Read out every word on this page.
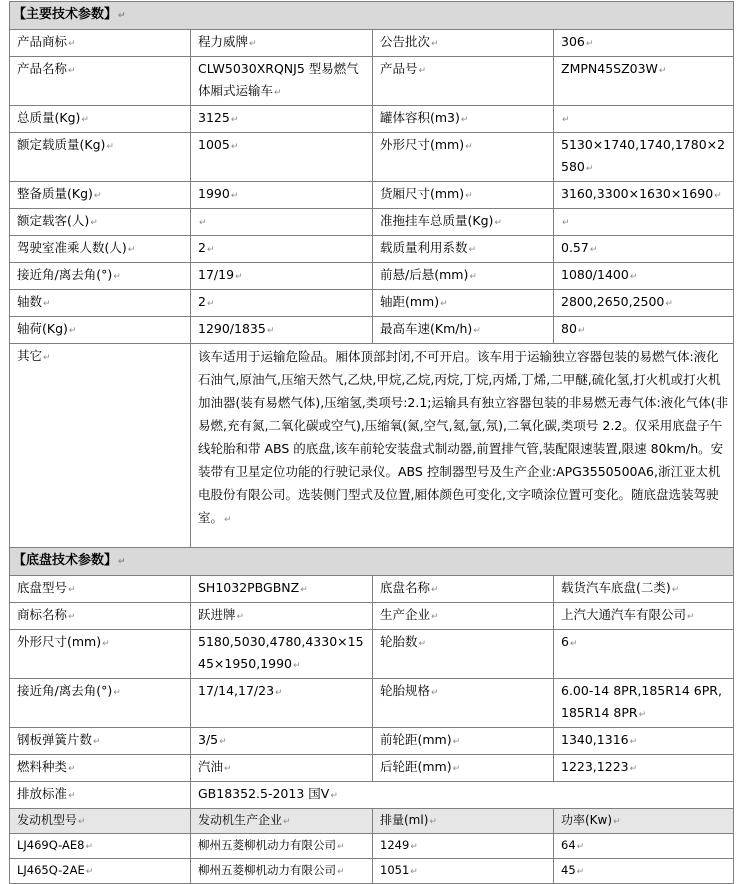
【主要技术参数】↵			
产品商标↵	程力威牌↵	公告批次↵	306↵
产品名称↵	CLW5030XRQNJ5 型易燃气体厢式运输车↵	产品号↵	ZMPN45SZ03W↵
总质量(Kg)↵	3125↵	罐体容积(m3)↵	↵
额定载质量(Kg)↵	1005↵	外形尺寸(mm)↵	5130×1740,1740,1780×2580↵
整备质量(Kg)↵	1990↵	货厢尺寸(mm)↵	3160,3300×1630×1690↵
额定载客(人)↵	↵	准拖挂车总质量(Kg)↵	↵
驾驶室准乘人数(人)↵	2↵	载质量利用系数↵	0.57↵
接近角/离去角(°)↵	17/19↵	前悬/后悬(mm)↵	1080/1400↵
轴数↵	2↵	轴距(mm)↵	2800,2650,2500↵
轴荷(Kg)↵	1290/1835↵	最高车速(Km/h)↵	80↵
其它↵	该车适用于运输危险品。厢体顶部封闭,不可开启。该车用于运输独立容器包装的易燃气体:液化石油气,原油气,压缩天然气,乙炔,甲烷,乙烷,丙烷,丁烷,丙烯,丁烯,二甲醚,硫化氢,打火机或打火机加油器(装有易燃气体),压缩氢,类项号:2.1;运输具有独立容器包装的非易燃无毒气体:液化气体(非易燃,充有氮,二氧化碳或空气),压缩氧(氮,空气,氦,氩,氖),二氧化碳,类项号 2.2。仅采用底盘子午线轮胎和带 ABS 的底盘,该车前轮安装盘式制动器,前置排气管,装配限速装置,限速 80km/h。安装带有卫星定位功能的行驶记录仪。ABS 控制器型号及生产企业:APG3550500A6,浙江亚太机电股份有限公司。选装侧门型式及位置,厢体颜色可变化,文字喷涂位置可变化。随底盘选装驾驶室。↵		
【底盘技术参数】↵			
底盘型号↵	SH1032PBGBNZ↵	底盘名称↵	载货汽车底盘(二类)↵
商标名称↵	跃进牌↵	生产企业↵	上汽大通汽车有限公司↵
外形尺寸(mm)↵	5180,5030,4780,4330×1545×1950,1990↵	轮胎数↵	6↵
接近角/离去角(°)↵	17/14,17/23↵	轮胎规格↵	6.00-14 8PR,185R14 6PR,185R14 8PR↵
钢板弹簧片数↵	3/5↵	前轮距(mm)↵	1340,1316↵
燃料种类↵	汽油↵	后轮距(mm)↵	1223,1223↵
排放标准↵	GB18352.5-2013 国V↵		
发动机型号↵	发动机生产企业↵	排量(ml)↵	功率(Kw)↵
LJ469Q-AE8↵	柳州五菱柳机动力有限公司↵	1249↵	64↵
LJ465Q-2AE↵	柳州五菱柳机动力有限公司↵	1051↵	45↵
